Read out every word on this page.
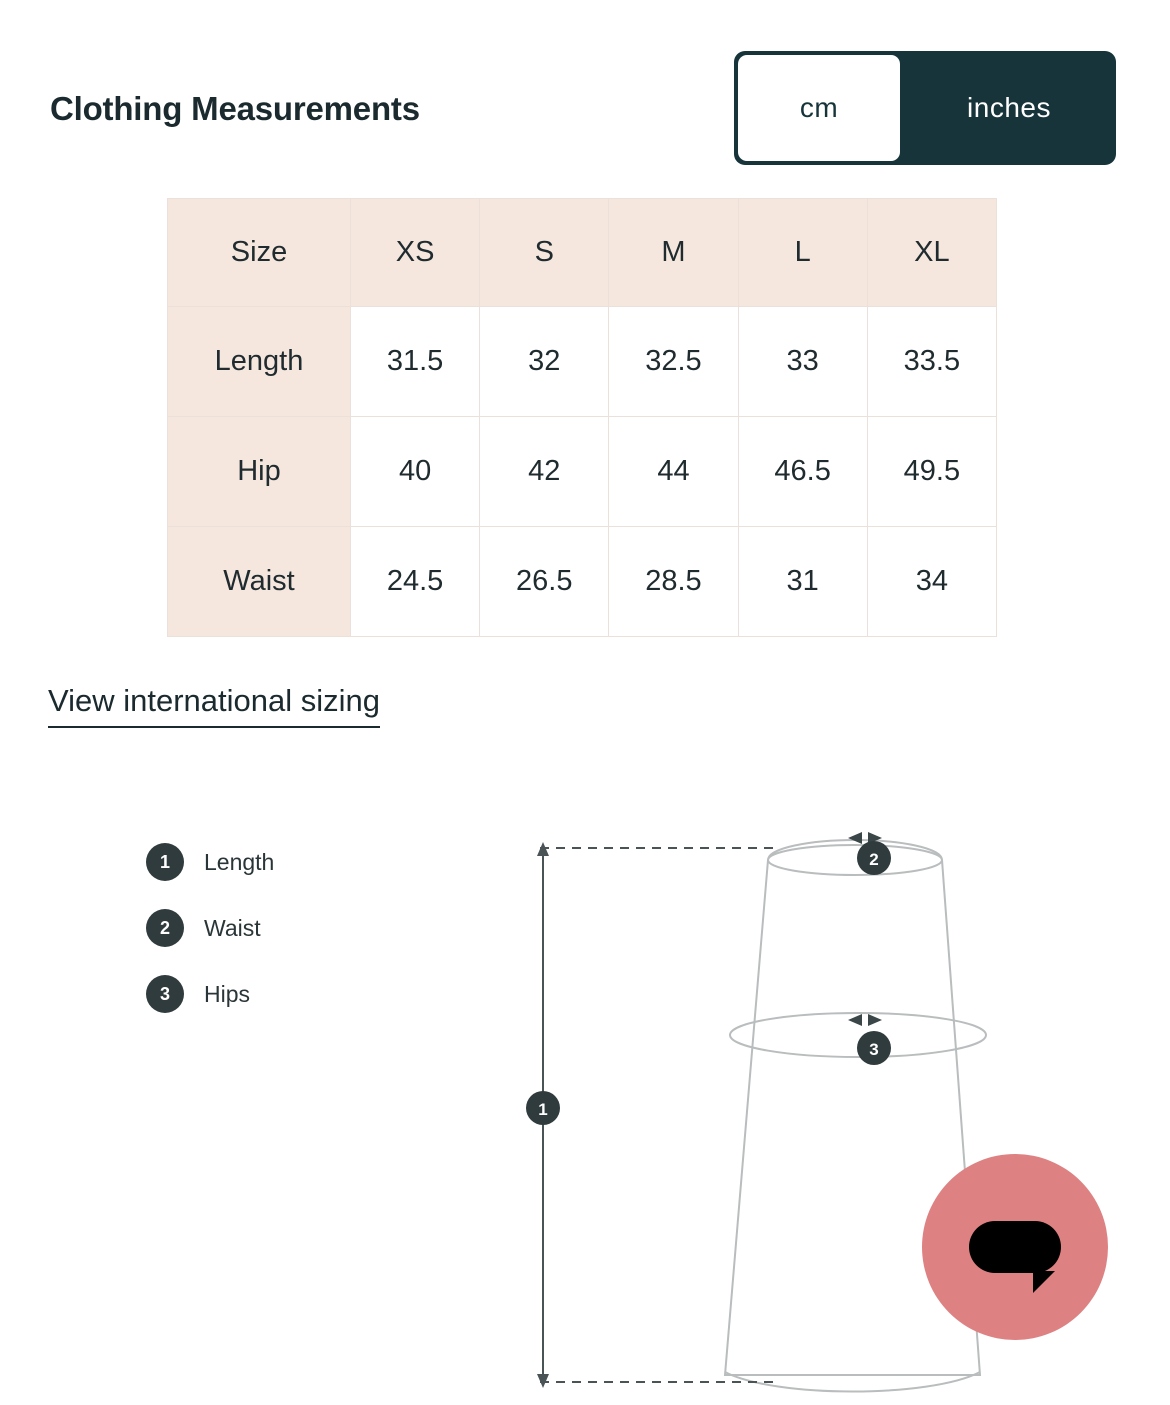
Clothing Measurements	cm	inches
Size	XS	S	M	L	XL
Length	31.5	32	32.5	33	33.5
Hip	40	42	44	46.5	49.5
Waist	24.5	26.5	28.5	31	34
View international sizing
1	Length
2	Waist
3	Hips
1
2
3
